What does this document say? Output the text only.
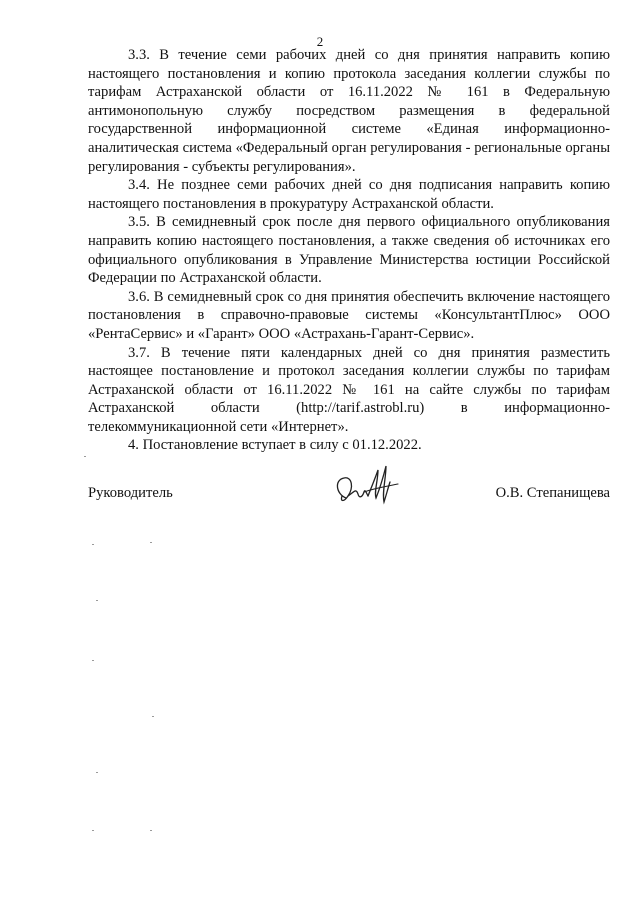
2

3.3. В течение семи рабочих дней со дня принятия направить копию настоящего постановления и копию протокола заседания коллегии службы по тарифам Астраханской области от 16.11.2022 № 161 в Федеральную антимонопольную службу посредством размещения в федеральной государственной информационной системе «Единая информационно-аналитическая система «Федеральный орган регулирования - региональные органы регулирования - субъекты регулирования».

3.4. Не позднее семи рабочих дней со дня подписания направить копию настоящего постановления в прокуратуру Астраханской области.

3.5. В семидневный срок после дня первого официального опубликования направить копию настоящего постановления, а также сведения об источниках его официального опубликования в Управление Министерства юстиции Российской Федерации по Астраханской области.

3.6. В семидневный срок со дня принятия обеспечить включение настоящего постановления в справочно-правовые системы «КонсультантПлюс» ООО «РентаСервис» и «Гарант» ООО «Астрахань-Гарант-Сервис».

3.7. В течение пяти календарных дней со дня принятия разместить настоящее постановление и протокол заседания коллегии службы по тарифам Астраханской области от 16.11.2022 № 161 на сайте службы по тарифам Астраханской области (http://tarif.astrobl.ru) в информационно-телекоммуникационной сети «Интернет».

4. Постановление вступает в силу с 01.12.2022.

Руководитель	О.В. Степанищева
